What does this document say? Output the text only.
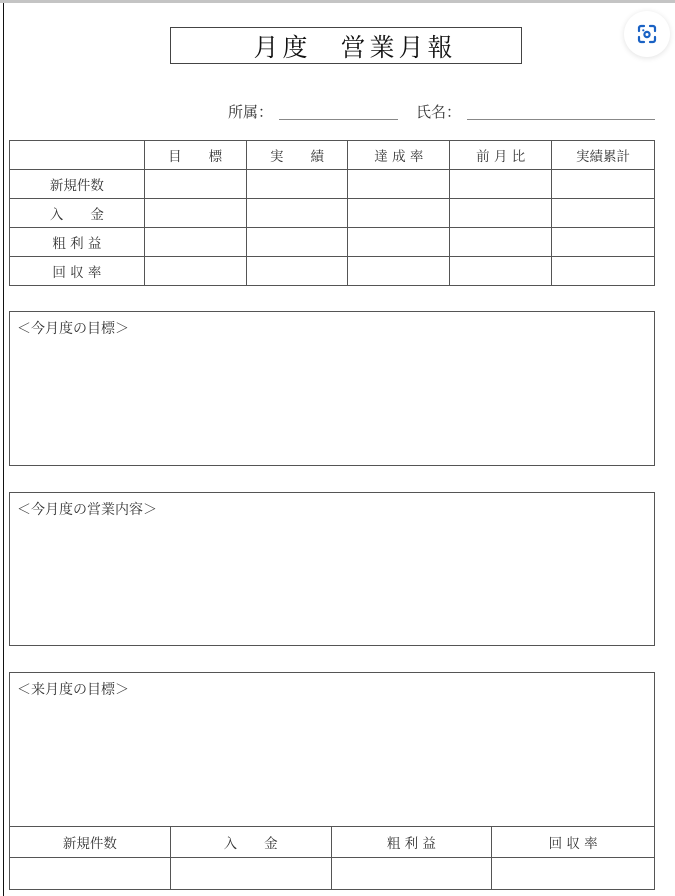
月度　営業月報
所属：	氏名：
	目　　標	実　　績	達 成 率	前 月 比	実績累計
新規件数					
入　　金					
粗 利 益					
回 収 率					
＜今月度の目標＞
＜今月度の営業内容＞
＜来月度の目標＞
新規件数	入　　金	粗 利 益	回 収 率
